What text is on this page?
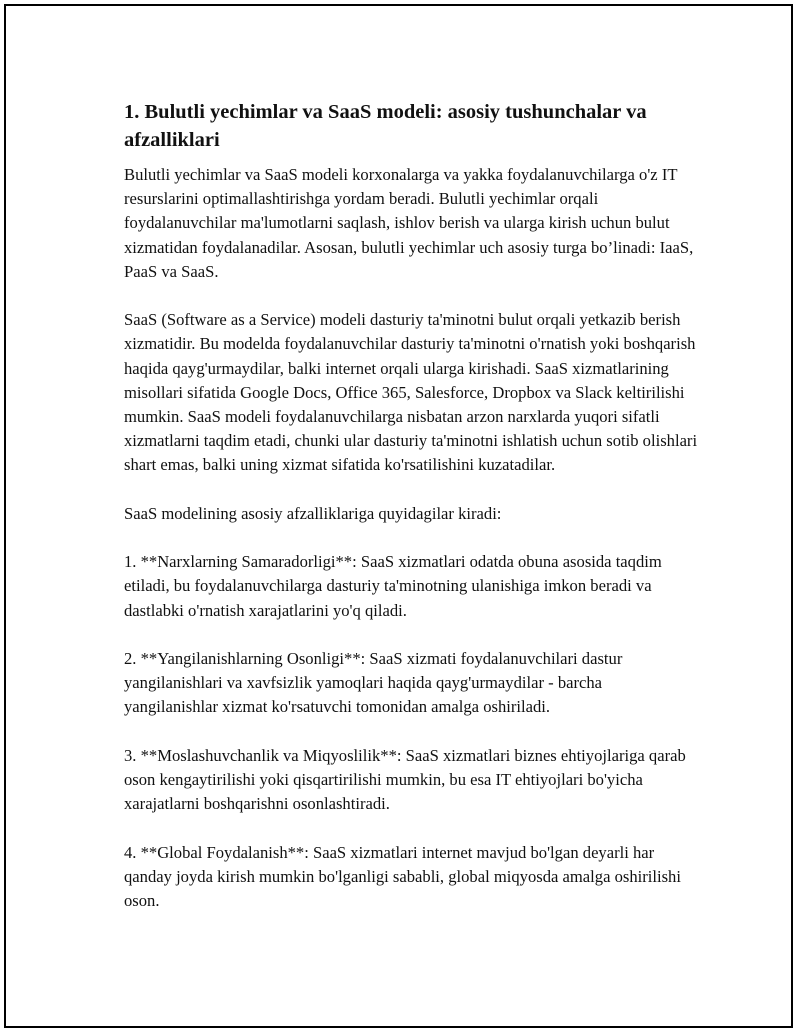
1. Bulutli yechimlar va SaaS modeli: asosiy tushunchalar va afzalliklari

Bulutli yechimlar va SaaS modeli korxonalarga va yakka foydalanuvchilarga o'z IT resurslarini optimallashtirishga yordam beradi. Bulutli yechimlar orqali foydalanuvchilar ma'lumotlarni saqlash, ishlov berish va ularga kirish uchun bulut xizmatidan foydalanadilar. Asosan, bulutli yechimlar uch asosiy turga bo’linadi: IaaS, PaaS va SaaS.

SaaS (Software as a Service) modeli dasturiy ta'minotni bulut orqali yetkazib berish xizmatidir. Bu modelda foydalanuvchilar dasturiy ta'minotni o'rnatish yoki boshqarish haqida qayg'urmaydilar, balki internet orqali ularga kirishadi. SaaS xizmatlarining misollari sifatida Google Docs, Office 365, Salesforce, Dropbox va Slack keltirilishi mumkin. SaaS modeli foydalanuvchilarga nisbatan arzon narxlarda yuqori sifatli xizmatlarni taqdim etadi, chunki ular dasturiy ta'minotni ishlatish uchun sotib olishlari shart emas, balki uning xizmat sifatida ko'rsatilishini kuzatadilar.

SaaS modelining asosiy afzalliklariga quyidagilar kiradi:

1. **Narxlarning Samaradorligi**: SaaS xizmatlari odatda obuna asosida taqdim etiladi, bu foydalanuvchilarga dasturiy ta'minotning ulanishiga imkon beradi va dastlabki o'rnatish xarajatlarini yo'q qiladi.

2. **Yangilanishlarning Osonligi**: SaaS xizmati foydalanuvchilari dastur yangilanishlari va xavfsizlik yamoqlari haqida qayg'urmaydilar - barcha yangilanishlar xizmat ko'rsatuvchi tomonidan amalga oshiriladi.

3. **Moslashuvchanlik va Miqyoslilik**: SaaS xizmatlari biznes ehtiyojlariga qarab oson kengaytirilishi yoki qisqartirilishi mumkin, bu esa IT ehtiyojlari bo'yicha xarajatlarni boshqarishni osonlashtiradi.

4. **Global Foydalanish**: SaaS xizmatlari internet mavjud bo'lgan deyarli har qanday joyda kirish mumkin bo'lganligi sababli, global miqyosda amalga oshirilishi oson.
